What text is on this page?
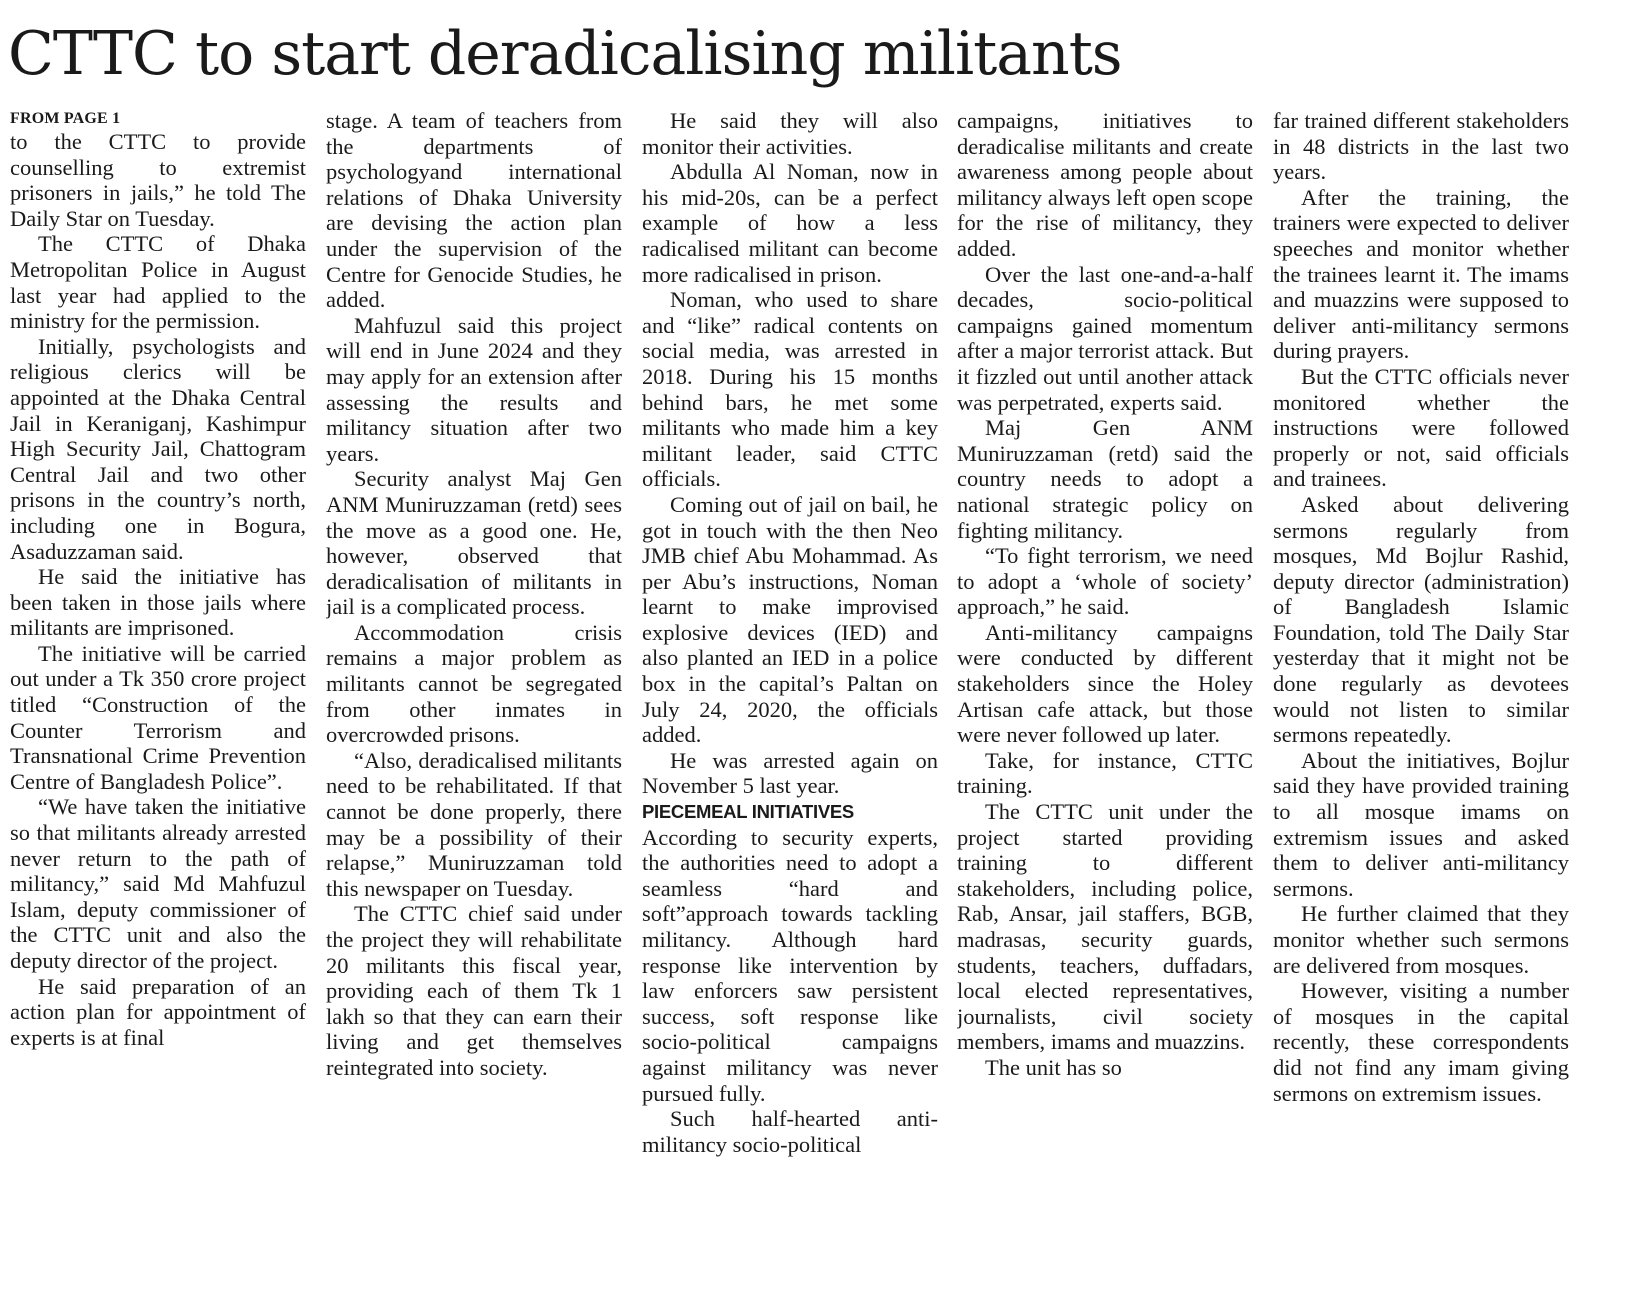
CTTC to start deradicalising militants
FROM PAGE 1

to the CTTC to provide counselling to extremist prisoners in jails,” he told The Daily Star on Tuesday.

The CTTC of Dhaka Metropolitan Police in August last year had applied to the ministry for the permission.

Initially, psychologists and religious clerics will be appointed at the Dhaka Central Jail in Keraniganj, Kashimpur High Security Jail, Chattogram Central Jail and two other prisons in the country’s north, including one in Bogura, Asaduzzaman said.

He said the initiative has been taken in those jails where militants are imprisoned.

The initiative will be carried out under a Tk 350 crore project titled “Construction of the Counter Terrorism and Transnational Crime Prevention Centre of Bangladesh Police”.

“We have taken the initiative so that militants already arrested never return to the path of militancy,” said Md Mahfuzul Islam, deputy commissioner of the CTTC unit and also the deputy director of the project.

He said preparation of an action plan for appointment of experts is at final

stage. A team of teachers from the departments of psychologyand international relations of Dhaka University are devising the action plan under the supervision of the Centre for Genocide Studies, he added.

Mahfuzul said this project will end in June 2024 and they may apply for an extension after assessing the results and militancy situation after two years.

Security analyst Maj Gen ANM Muniruzzaman (retd) sees the move as a good one. He, however, observed that deradicalisation of militants in jail is a complicated process.

Accommodation crisis remains a major problem as militants cannot be segregated from other inmates in overcrowded prisons.

“Also, deradicalised militants need to be rehabilitated. If that cannot be done properly, there may be a possibility of their relapse,” Muniruzzaman told this newspaper on Tuesday.

The CTTC chief said under the project they will rehabilitate 20 militants this fiscal year, providing each of them Tk 1 lakh so that they can earn their living and get themselves reintegrated into society.

He said they will also monitor their activities.

Abdulla Al Noman, now in his mid-20s, can be a perfect example of how a less radicalised militant can become more radicalised in prison.

Noman, who used to share and “like” radical contents on social media, was arrested in 2018. During his 15 months behind bars, he met some militants who made him a key militant leader, said CTTC officials.

Coming out of jail on bail, he got in touch with the then Neo JMB chief Abu Mohammad. As per Abu’s instructions, Noman learnt to make improvised explosive devices (IED) and also planted an IED in a police box in the capital’s Paltan on July 24, 2020, the officials added.

He was arrested again on November 5 last year.

PIECEMEAL INITIATIVES

According to security experts, the authorities need to adopt a seamless “hard and soft”approach towards tackling militancy. Although hard response like intervention by law enforcers saw persistent success, soft response like socio-political campaigns against militancy was never pursued fully.

Such half-hearted anti-militancy socio-political

campaigns, initiatives to deradicalise militants and create awareness among people about militancy always left open scope for the rise of militancy, they added.

Over the last one-and-a-half decades, socio-political campaigns gained momentum after a major terrorist attack. But it fizzled out until another attack was perpetrated, experts said.

Maj Gen ANM Muniruzzaman (retd) said the country needs to adopt a national strategic policy on fighting militancy.

“To fight terrorism, we need to adopt a ‘whole of society’ approach,” he said.

Anti-militancy campaigns were conducted by different stakeholders since the Holey Artisan cafe attack, but those were never followed up later.

Take, for instance, CTTC training.

The CTTC unit under the project started providing training to different stakeholders, including police, Rab, Ansar, jail staffers, BGB, madrasas, security guards, students, teachers, duffadars, local elected representatives, journalists, civil society members, imams and muazzins.

The unit has so

far trained different stakeholders in 48 districts in the last two years.

After the training, the trainers were expected to deliver speeches and monitor whether the trainees learnt it. The imams and muazzins were supposed to deliver anti-militancy sermons during prayers.

But the CTTC officials never monitored whether the instructions were followed properly or not, said officials and trainees.

Asked about delivering sermons regularly from mosques, Md Bojlur Rashid, deputy director (administration) of Bangladesh Islamic Foundation, told The Daily Star yesterday that it might not be done regularly as devotees would not listen to similar sermons repeatedly.

About the initiatives, Bojlur said they have provided training to all mosque imams on extremism issues and asked them to deliver anti-militancy sermons.

He further claimed that they monitor whether such sermons are delivered from mosques.

However, visiting a number of mosques in the capital recently, these correspondents did not find any imam giving sermons on extremism issues.
